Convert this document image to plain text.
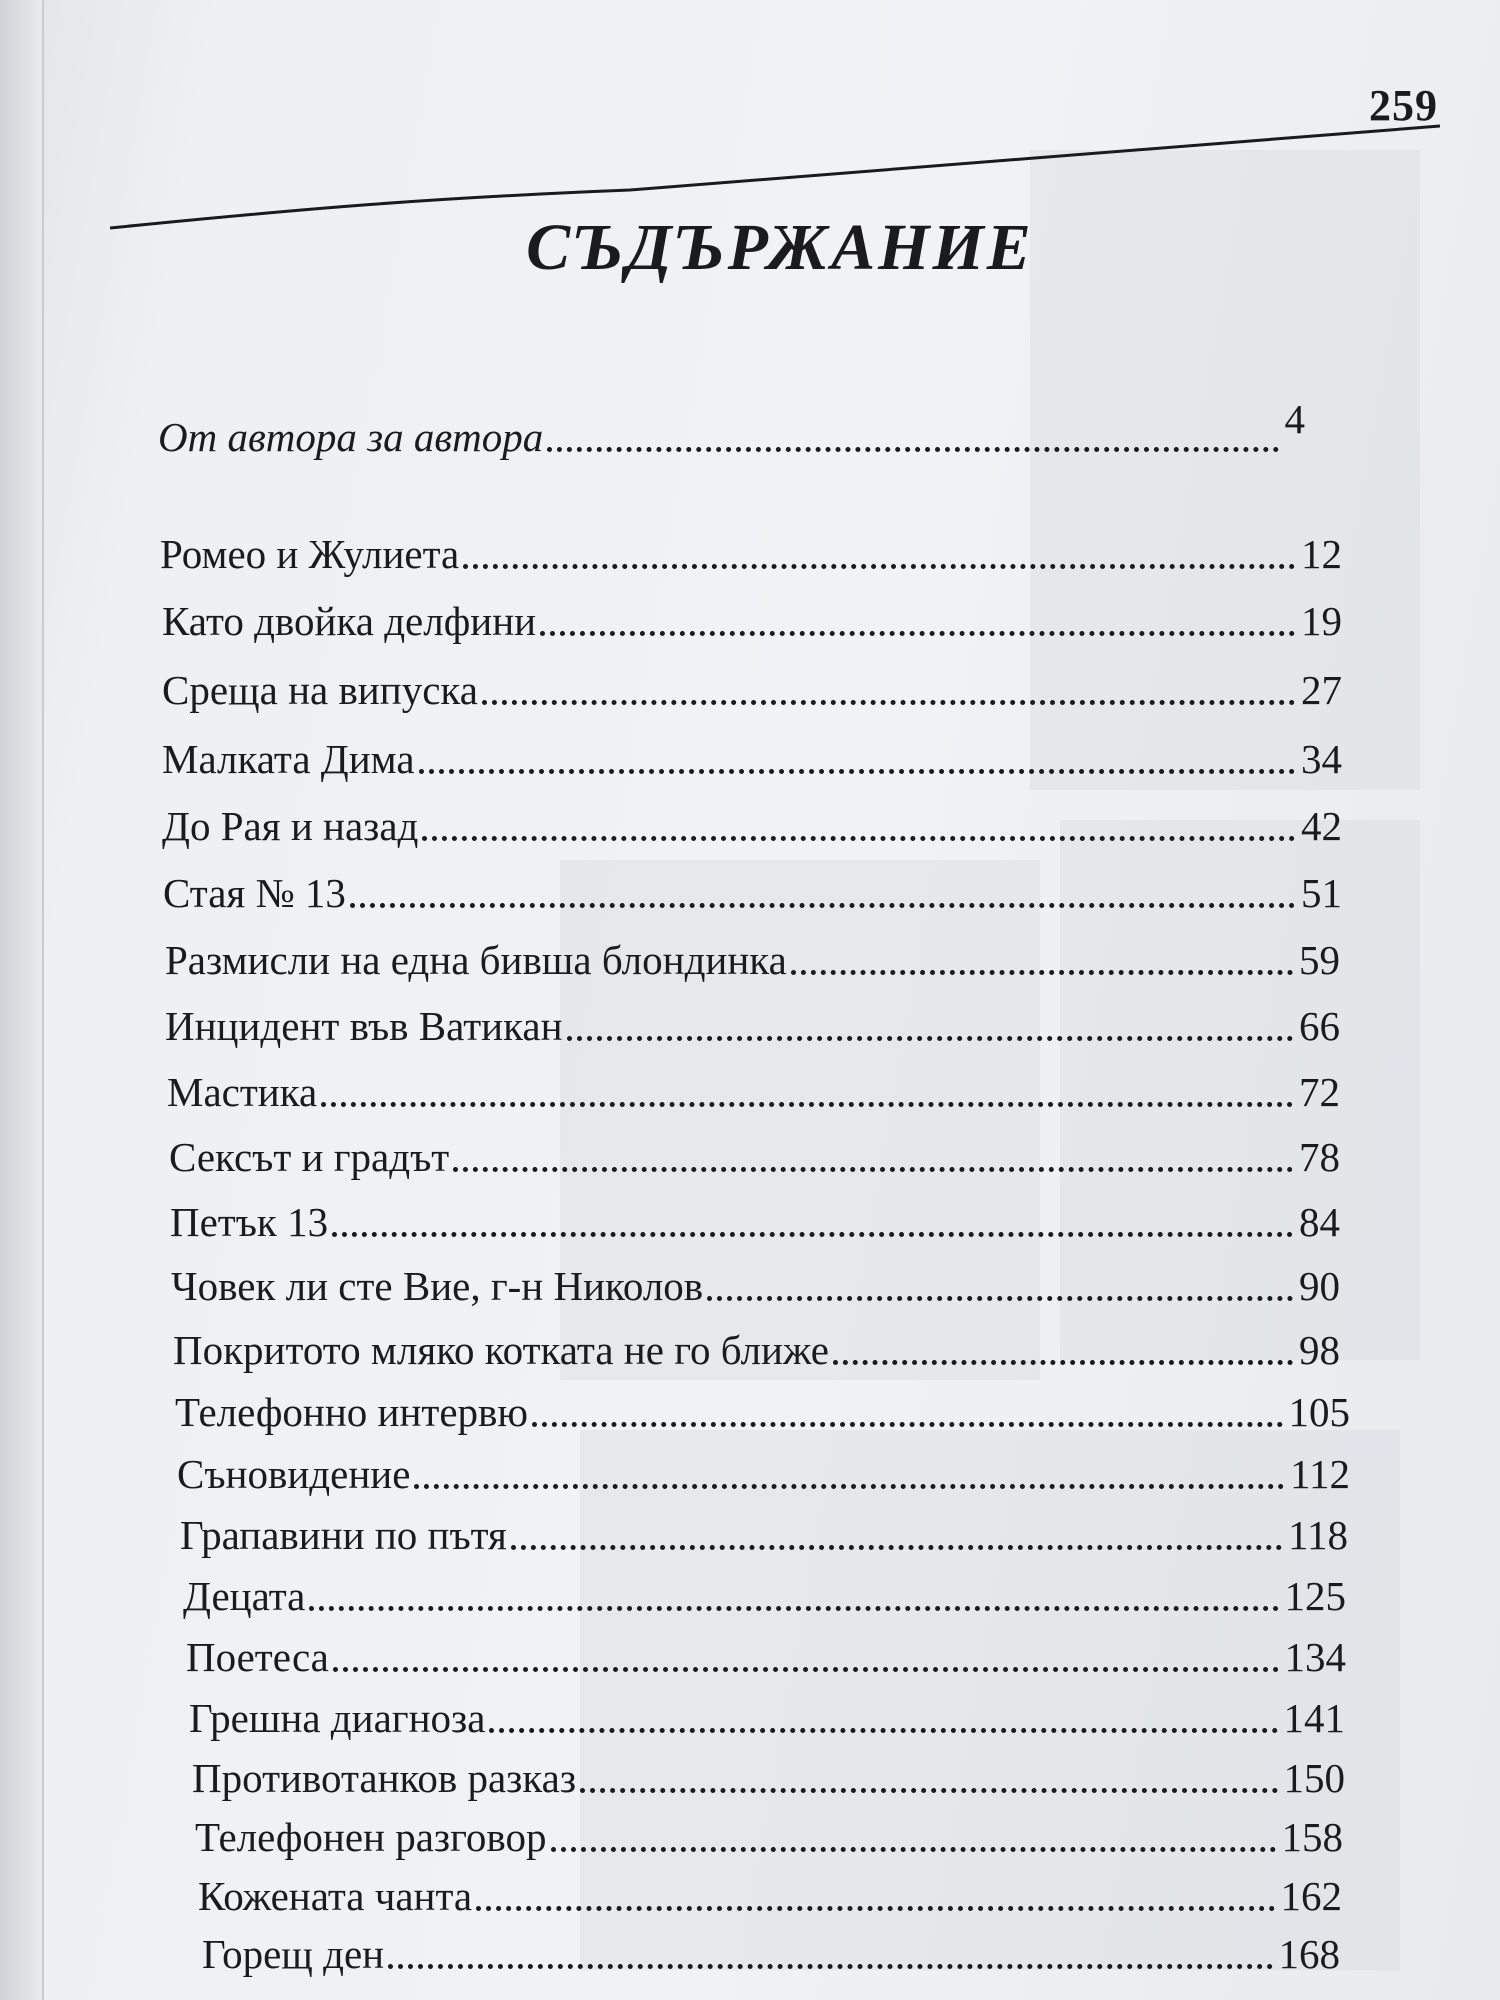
259
СЪДЪРЖАНИЕ
От автора за автора	4
Ромео и Жулиета	12
Като двойка делфини	19
Среща на випуска	27
Малката Дима	34
До Рая и назад	42
Стая № 13	51
Размисли на една бивша блондинка	59
Инцидент във Ватикан	66
Мастика	72
Сексът и градът	78
Петък 13	84
Човек ли сте Вие, г-н Николов	90
Покритото мляко котката не го ближе	98
Телефонно интервю	105
Съновидение	112
Грапавини по пътя	118
Децата	125
Поетеса	134
Грешна диагноза	141
Противотанков разказ	150
Телефонен разговор	158
Кожената чанта	162
Горещ ден	168
